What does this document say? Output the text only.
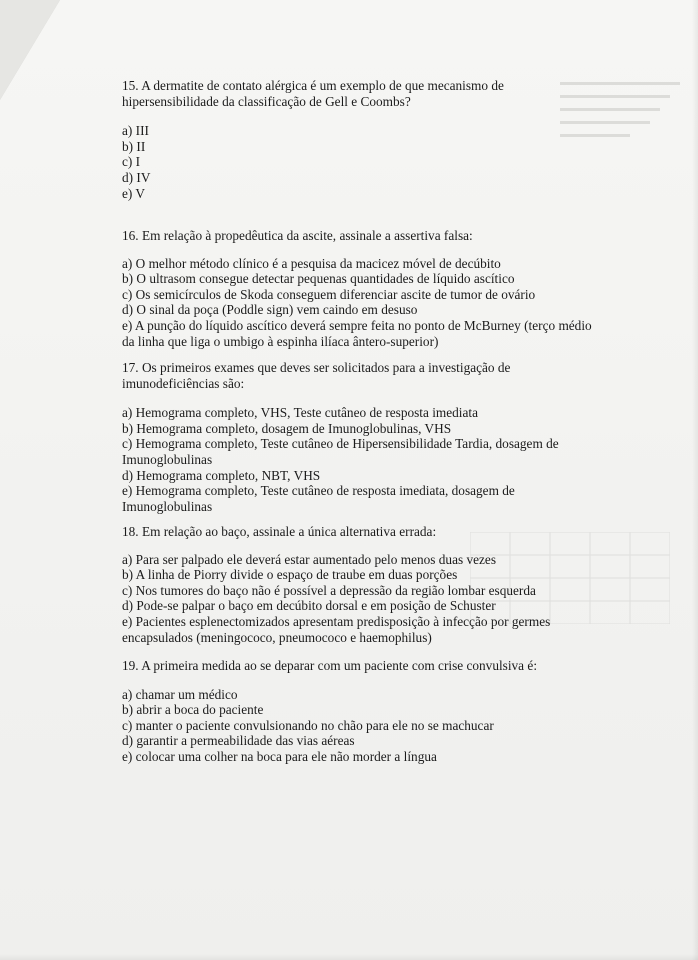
15. A dermatite de contato alérgica é um exemplo de que mecanismo de hipersensibilidade da classificação de Gell e Coombs?

a) III

b) II

c) I

d) IV

e) V

16. Em relação à propedêutica da ascite, assinale a assertiva falsa:

a) O melhor método clínico é a pesquisa da macicez móvel de decúbito

b) O ultrasom consegue detectar pequenas quantidades de líquido ascítico

c) Os semicírculos de Skoda conseguem diferenciar ascite de tumor de ovário

d) O sinal da poça (Poddle sign) vem caindo em desuso

e) A punção do líquido ascítico deverá sempre feita no ponto de McBurney (terço médio da linha que liga o umbigo à espinha ilíaca ântero-superior)

17. Os primeiros exames que deves ser solicitados para a investigação de imunodeficiências são:

a) Hemograma completo, VHS, Teste cutâneo de resposta imediata

b) Hemograma completo, dosagem de Imunoglobulinas, VHS

c) Hemograma completo, Teste cutâneo de Hipersensibilidade Tardia, dosagem de Imunoglobulinas

d) Hemograma completo, NBT, VHS

e) Hemograma completo, Teste cutâneo de resposta imediata, dosagem de Imunoglobulinas

18. Em relação ao baço, assinale a única alternativa errada:

a) Para ser palpado ele deverá estar aumentado pelo menos duas vezes

b) A linha de Piorry divide o espaço de traube em duas porções

c) Nos tumores do baço não é possível a depressão da região lombar esquerda

d) Pode-se palpar o baço em decúbito dorsal e em posição de Schuster

e) Pacientes esplenectomizados apresentam predisposição à infecção por germes encapsulados (meningococo, pneumococo e haemophilus)

19. A primeira medida ao se deparar com um paciente com crise convulsiva é:

a) chamar um médico

b) abrir a boca do paciente

c) manter o paciente convulsionando no chão para ele no se machucar

d) garantir a permeabilidade das vias aéreas

e) colocar uma colher na boca para ele não morder a língua
